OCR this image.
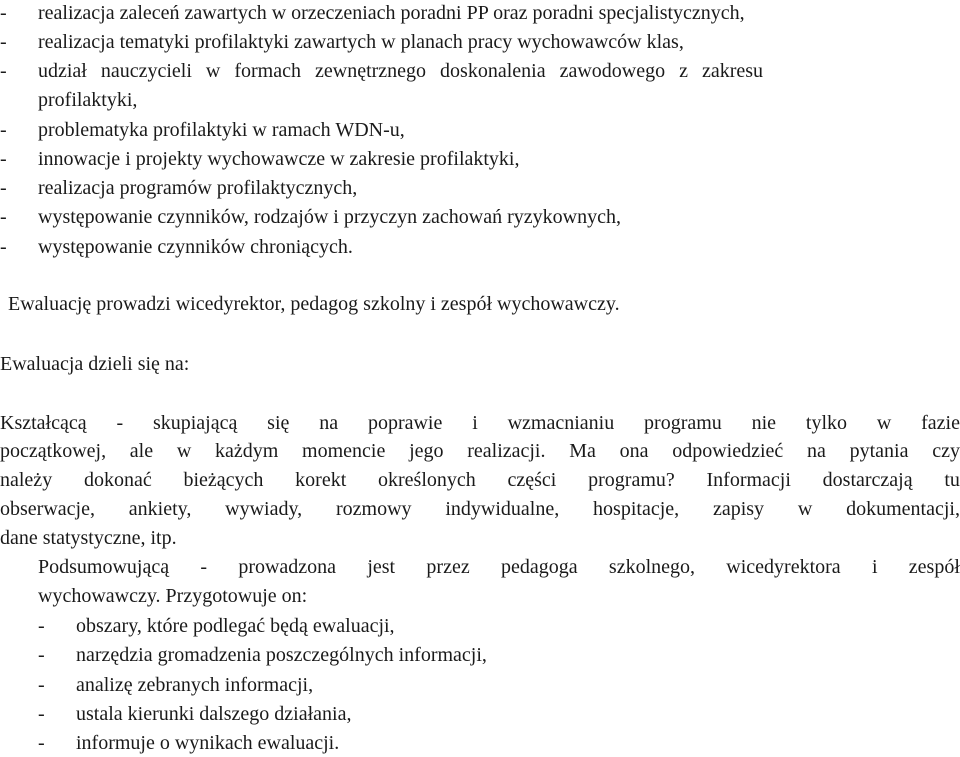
-	realizacja zaleceń zawartych w orzeczeniach poradni PP oraz poradni specjalistycznych,
-	realizacja tematyki profilaktyki zawartych w planach pracy wychowawców klas,
-	udział nauczycieli w formach zewnętrznego doskonalenia zawodowego z zakresu
profilaktyki,
-	problematyka profilaktyki w ramach WDN-u,
-	innowacje i projekty wychowawcze w zakresie profilaktyki,
-	realizacja programów profilaktycznych,
-	występowanie czynników, rodzajów i przyczyn zachowań ryzykownych,
-	występowanie czynników chroniących.
Ewaluację prowadzi wicedyrektor, pedagog szkolny i zespół wychowawczy.
Ewaluacja dzieli się na:
Kształcącą - skupiającą się na poprawie i wzmacnianiu programu nie tylko w fazie
początkowej, ale w każdym momencie jego realizacji. Ma ona odpowiedzieć na pytania czy
należy dokonać bieżących korekt określonych części programu? Informacji dostarczają tu
obserwacje, ankiety, wywiady, rozmowy indywidualne, hospitacje, zapisy w dokumentacji,
dane statystyczne, itp.
Podsumowującą - prowadzona jest przez pedagoga szkolnego, wicedyrektora i zespół
wychowawczy. Przygotowuje on:
-	obszary, które podlegać będą ewaluacji,
-	narzędzia gromadzenia poszczególnych informacji,
-	analizę zebranych informacji,
-	ustala kierunki dalszego działania,
-	informuje o wynikach ewaluacji.
